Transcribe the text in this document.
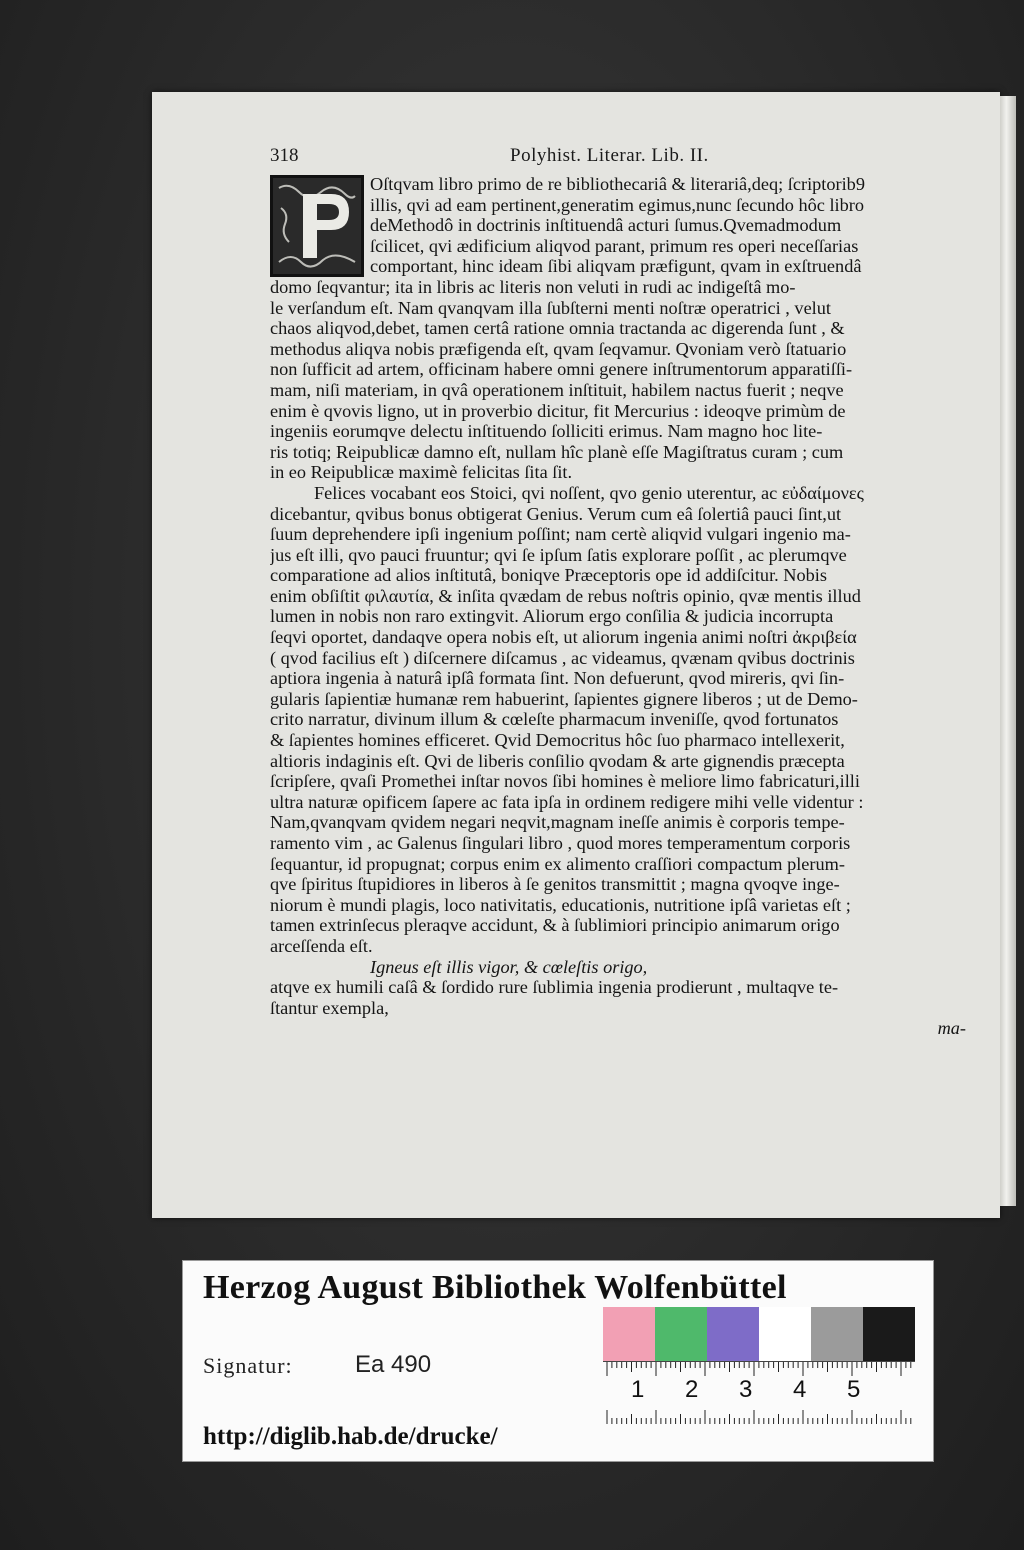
318	Polyhist. Literar. Lib. II.
Oſtqvam libro primo de re bibliothecariâ & literariâ,deq; ſcriptorib9
illis, qvi ad eam pertinent,generatim egimus,nunc ſecundo hôc libro
deMethodô in doctrinis inſtituendâ acturi ſumus.Qvemadmodum
ſcilicet, qvi ædificium aliqvod parant, primum res operi neceſſarias
comportant, hinc ideam ſibi aliqvam præfigunt, qvam in exſtruendâ
domo ſeqvantur; ita in libris ac literis non veluti in rudi ac indigeſtâ mo-
le verſandum eſt. Nam qvanqvam illa ſubſterni menti noſtræ operatrici , velut
chaos aliqvod,debet, tamen certâ ratione omnia tractanda ac digerenda ſunt , &
methodus aliqva nobis præfigenda eſt, qvam ſeqvamur. Qvoniam verò ſtatuario
non ſufficit ad artem, officinam habere omni genere inſtrumentorum apparatiſſi-
mam, niſi materiam, in qvâ operationem inſtituit, habilem nactus fuerit ; neqve
enim è qvovis ligno, ut in proverbio dicitur, fit Mercurius : ideoqve primùm de
ingeniis eorumqve delectu inſtituendo ſolliciti erimus. Nam magno hoc lite-
ris totiq; Reipublicæ damno eſt, nullam hîc planè eſſe Magiſtratus curam ; cum
in eo Reipublicæ maximè felicitas ſita ſit.
Felices vocabant eos Stoici, qvi noſſent, qvo genio uterentur, ac εὐδαίμονες
dicebantur, qvibus bonus obtigerat Genius. Verum cum eâ ſolertiâ pauci ſint,ut
ſuum deprehendere ipſi ingenium poſſint; nam certè aliqvid vulgari ingenio ma-
jus eſt illi, qvo pauci fruuntur; qvi ſe ipſum ſatis explorare poſſit , ac plerumqve
comparatione ad alios inſtitutâ, boniqve Præceptoris ope id addiſcitur. Nobis
enim obſiſtit φιλαυτία, & inſita qvædam de rebus noſtris opinio, qvæ mentis illud
lumen in nobis non raro extingvit. Aliorum ergo conſilia & judicia incorrupta
ſeqvi oportet, dandaqve opera nobis eſt, ut aliorum ingenia animi noſtri ἀκριβεία
( qvod facilius eſt ) diſcernere diſcamus , ac videamus, qvænam qvibus doctrinis
aptiora ingenia à naturâ ipſâ formata ſint. Non defuerunt, qvod mireris, qvi ſin-
gularis ſapientiæ humanæ rem habuerint, ſapientes gignere liberos ; ut de Demo-
crito narratur, divinum illum & cœleſte pharmacum inveniſſe, qvod fortunatos
& ſapientes homines efficeret. Qvid Democritus hôc ſuo pharmaco intellexerit,
altioris indaginis eſt. Qvi de liberis conſilio qvodam & arte gignendis præcepta
ſcripſere, qvaſi Promethei inſtar novos ſibi homines è meliore limo fabricaturi,illi
ultra naturæ opificem ſapere ac fata ipſa in ordinem redigere mihi velle videntur :
Nam,qvanqvam qvidem negari neqvit,magnam ineſſe animis è corporis tempe-
ramento vim , ac Galenus ſingulari libro , quod mores temperamentum corporis
ſequantur, id propugnat; corpus enim ex alimento craſſiori compactum plerum-
qve ſpiritus ſtupidiores in liberos à ſe genitos transmittit ; magna qvoqve inge-
niorum è mundi plagis, loco nativitatis, educationis, nutritione ipſâ varietas eſt ;
tamen extrinſecus pleraqve accidunt, & à ſublimiori principio animarum origo
arceſſenda eſt.
Igneus eſt illis vigor, & cœleſtis origo,
atqve ex humili caſâ & ſordido rure ſublimia ingenia prodierunt , multaqve te-
ſtantur exempla,
ma-
Herzog August Bibliothek Wolfenbüttel
Signatur:	Ea 490
1 2 3 4 5
http://diglib.hab.de/drucke/
